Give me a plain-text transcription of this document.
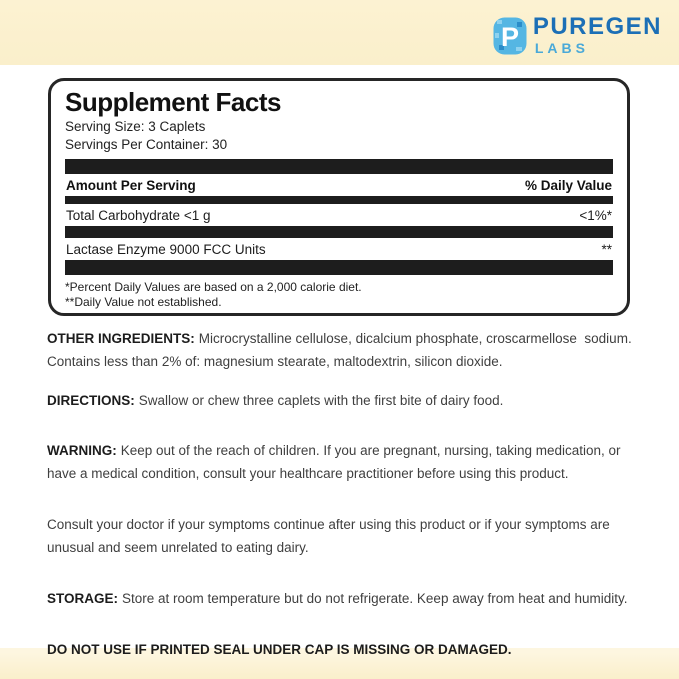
P PUREGEN
LABS
Supplement Facts
Serving Size: 3 Caplets
Servings Per Container: 30
Amount Per Serving	% Daily Value
Total Carbohydrate <1 g	<1%*
Lactase Enzyme 9000 FCC Units	**
*Percent Daily Values are based on a 2,000 calorie diet.
**Daily Value not established.

OTHER INGREDIENTS: Microcrystalline cellulose, dicalcium phosphate, croscarmellose  sodium. Contains less than 2% of: magnesium stearate, maltodextrin, silicon dioxide.

DIRECTIONS: Swallow or chew three caplets with the first bite of dairy food.

WARNING: Keep out of the reach of children. If you are pregnant, nursing, taking medication, or have a medical condition, consult your healthcare practitioner before using this product.

Consult your doctor if your symptoms continue after using this product or if your symptoms are unusual and seem unrelated to eating dairy.

STORAGE: Store at room temperature but do not refrigerate. Keep away from heat and humidity.

DO NOT USE IF PRINTED SEAL UNDER CAP IS MISSING OR DAMAGED.
